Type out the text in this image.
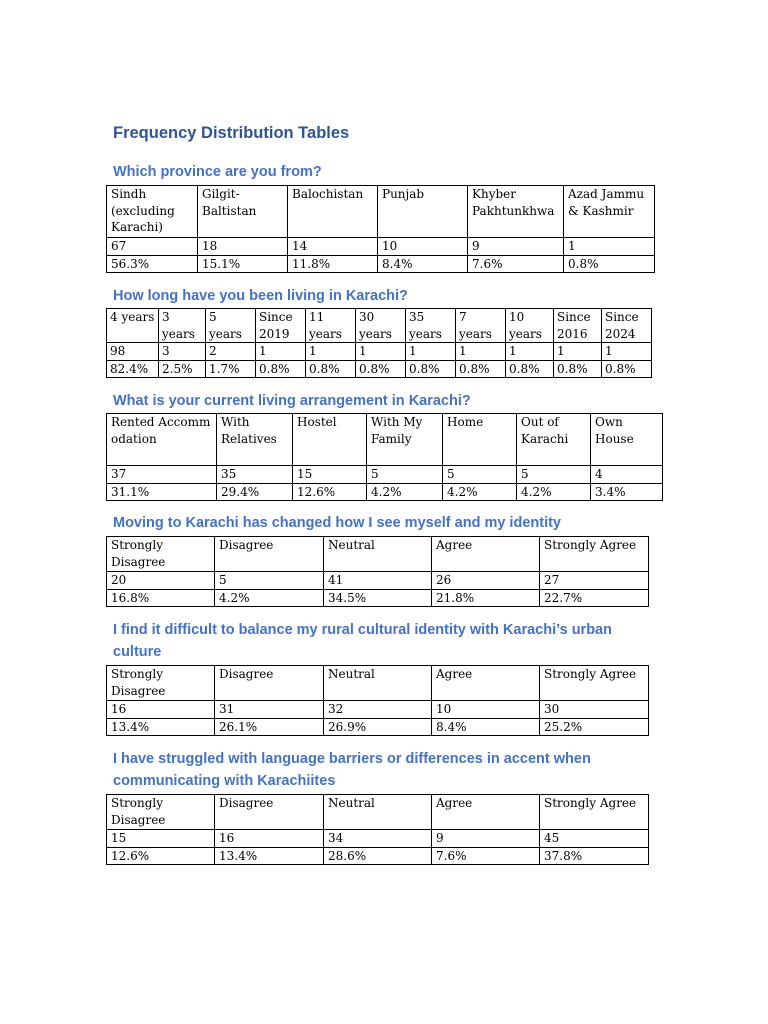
Frequency Distribution Tables
Which province are you from?
Sindh (excluding Karachi)	Gilgit-Baltistan	Balochistan	Punjab	Khyber Pakhtunkhwa	Azad Jammu & Kashmir
67	18	14	10	9	1
56.3%	15.1%	11.8%	8.4%	7.6%	0.8%
How long have you been living in Karachi?
4 years	3 years	5 years	Since 2019	11 years	30 years	35 years	7 years	10 years	Since 2016	Since 2024
98	3	2	1	1	1	1	1	1	1	1
82.4%	2.5%	1.7%	0.8%	0.8%	0.8%	0.8%	0.8%	0.8%	0.8%	0.8%
What is your current living arrangement in Karachi?
Rented Accommodation	With Relatives	Hostel	With My Family	Home	Out of Karachi	Own House
37	35	15	5	5	5	4
31.1%	29.4%	12.6%	4.2%	4.2%	4.2%	3.4%
Moving to Karachi has changed how I see myself and my identity
Strongly Disagree	Disagree	Neutral	Agree	Strongly Agree
20	5	41	26	27
16.8%	4.2%	34.5%	21.8%	22.7%
I find it difficult to balance my rural cultural identity with Karachi’s urban culture
Strongly Disagree	Disagree	Neutral	Agree	Strongly Agree
16	31	32	10	30
13.4%	26.1%	26.9%	8.4%	25.2%
I have struggled with language barriers or differences in accent when communicating with Karachiites
Strongly Disagree	Disagree	Neutral	Agree	Strongly Agree
15	16	34	9	45
12.6%	13.4%	28.6%	7.6%	37.8%
